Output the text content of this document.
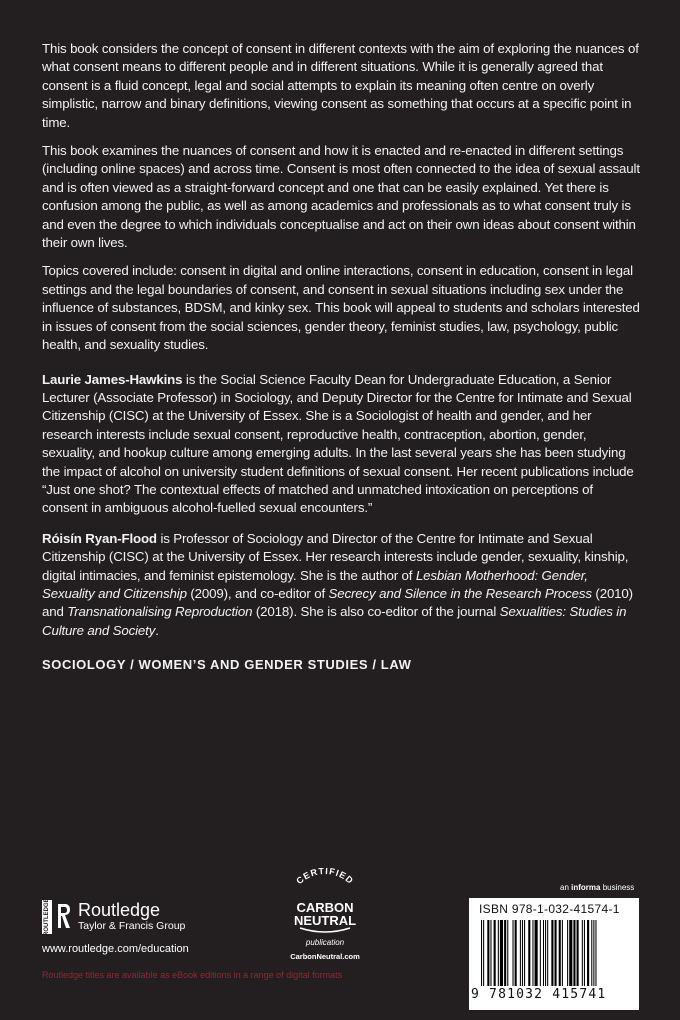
This book considers the concept of consent in different contexts with the aim of exploring the nuances of what consent means to different people and in different situations. While it is generally agreed that consent is a fluid concept, legal and social attempts to explain its meaning often centre on overly simplistic, narrow and binary definitions, viewing consent as something that occurs at a specific point in time.

This book examines the nuances of consent and how it is enacted and re-enacted in different settings (including online spaces) and across time. Consent is most often connected to the idea of sexual assault and is often viewed as a straight-forward concept and one that can be easily explained. Yet there is confusion among the public, as well as among academics and professionals as to what consent truly is and even the degree to which individuals conceptualise and act on their own ideas about consent within their own lives.

Topics covered include: consent in digital and online interactions, consent in education, consent in legal settings and the legal boundaries of consent, and consent in sexual situations including sex under the influence of substances, BDSM, and kinky sex. This book will appeal to students and scholars interested in issues of consent from the social sciences, gender theory, feminist studies, law, psychology, public health, and sexuality studies.

Laurie James-Hawkins is the Social Science Faculty Dean for Undergraduate Education, a Senior Lecturer (Associate Professor) in Sociology, and Deputy Director for the Centre for Intimate and Sexual Citizenship (CISC) at the University of Essex. She is a Sociologist of health and gender, and her research interests include sexual consent, reproductive health, contraception, abortion, gender, sexuality, and hookup culture among emerging adults. In the last several years she has been studying the impact of alcohol on university student definitions of sexual consent. Her recent publications include “Just one shot? The contextual effects of matched and unmatched intoxication on perceptions of consent in ambiguous alcohol-fuelled sexual encounters.”

Róisín Ryan-Flood is Professor of Sociology and Director of the Centre for Intimate and Sexual Citizenship (CISC) at the University of Essex. Her research interests include gender, sexuality, kinship, digital intimacies, and feminist epistemology. She is the author of Lesbian Motherhood: Gender, Sexuality and Citizenship (2009), and co-editor of Secrecy and Silence in the Research Process (2010) and Transnationalising Reproduction (2018). She is also co-editor of the journal Sexualities: Studies in Culture and Society.

SOCIOLOGY / WOMEN’S AND GENDER STUDIES / LAW
ROUTLEDGE Routledge
Taylor & Francis Group
www.routledge.com/education
Routledge titles are available as eBook editions in a range of digital formats
CERTIFIED
CARBON
NEUTRAL
publication
CarbonNeutral.com
an informa business
ISBN 978-1-032-41574-1
9 781032 415741
